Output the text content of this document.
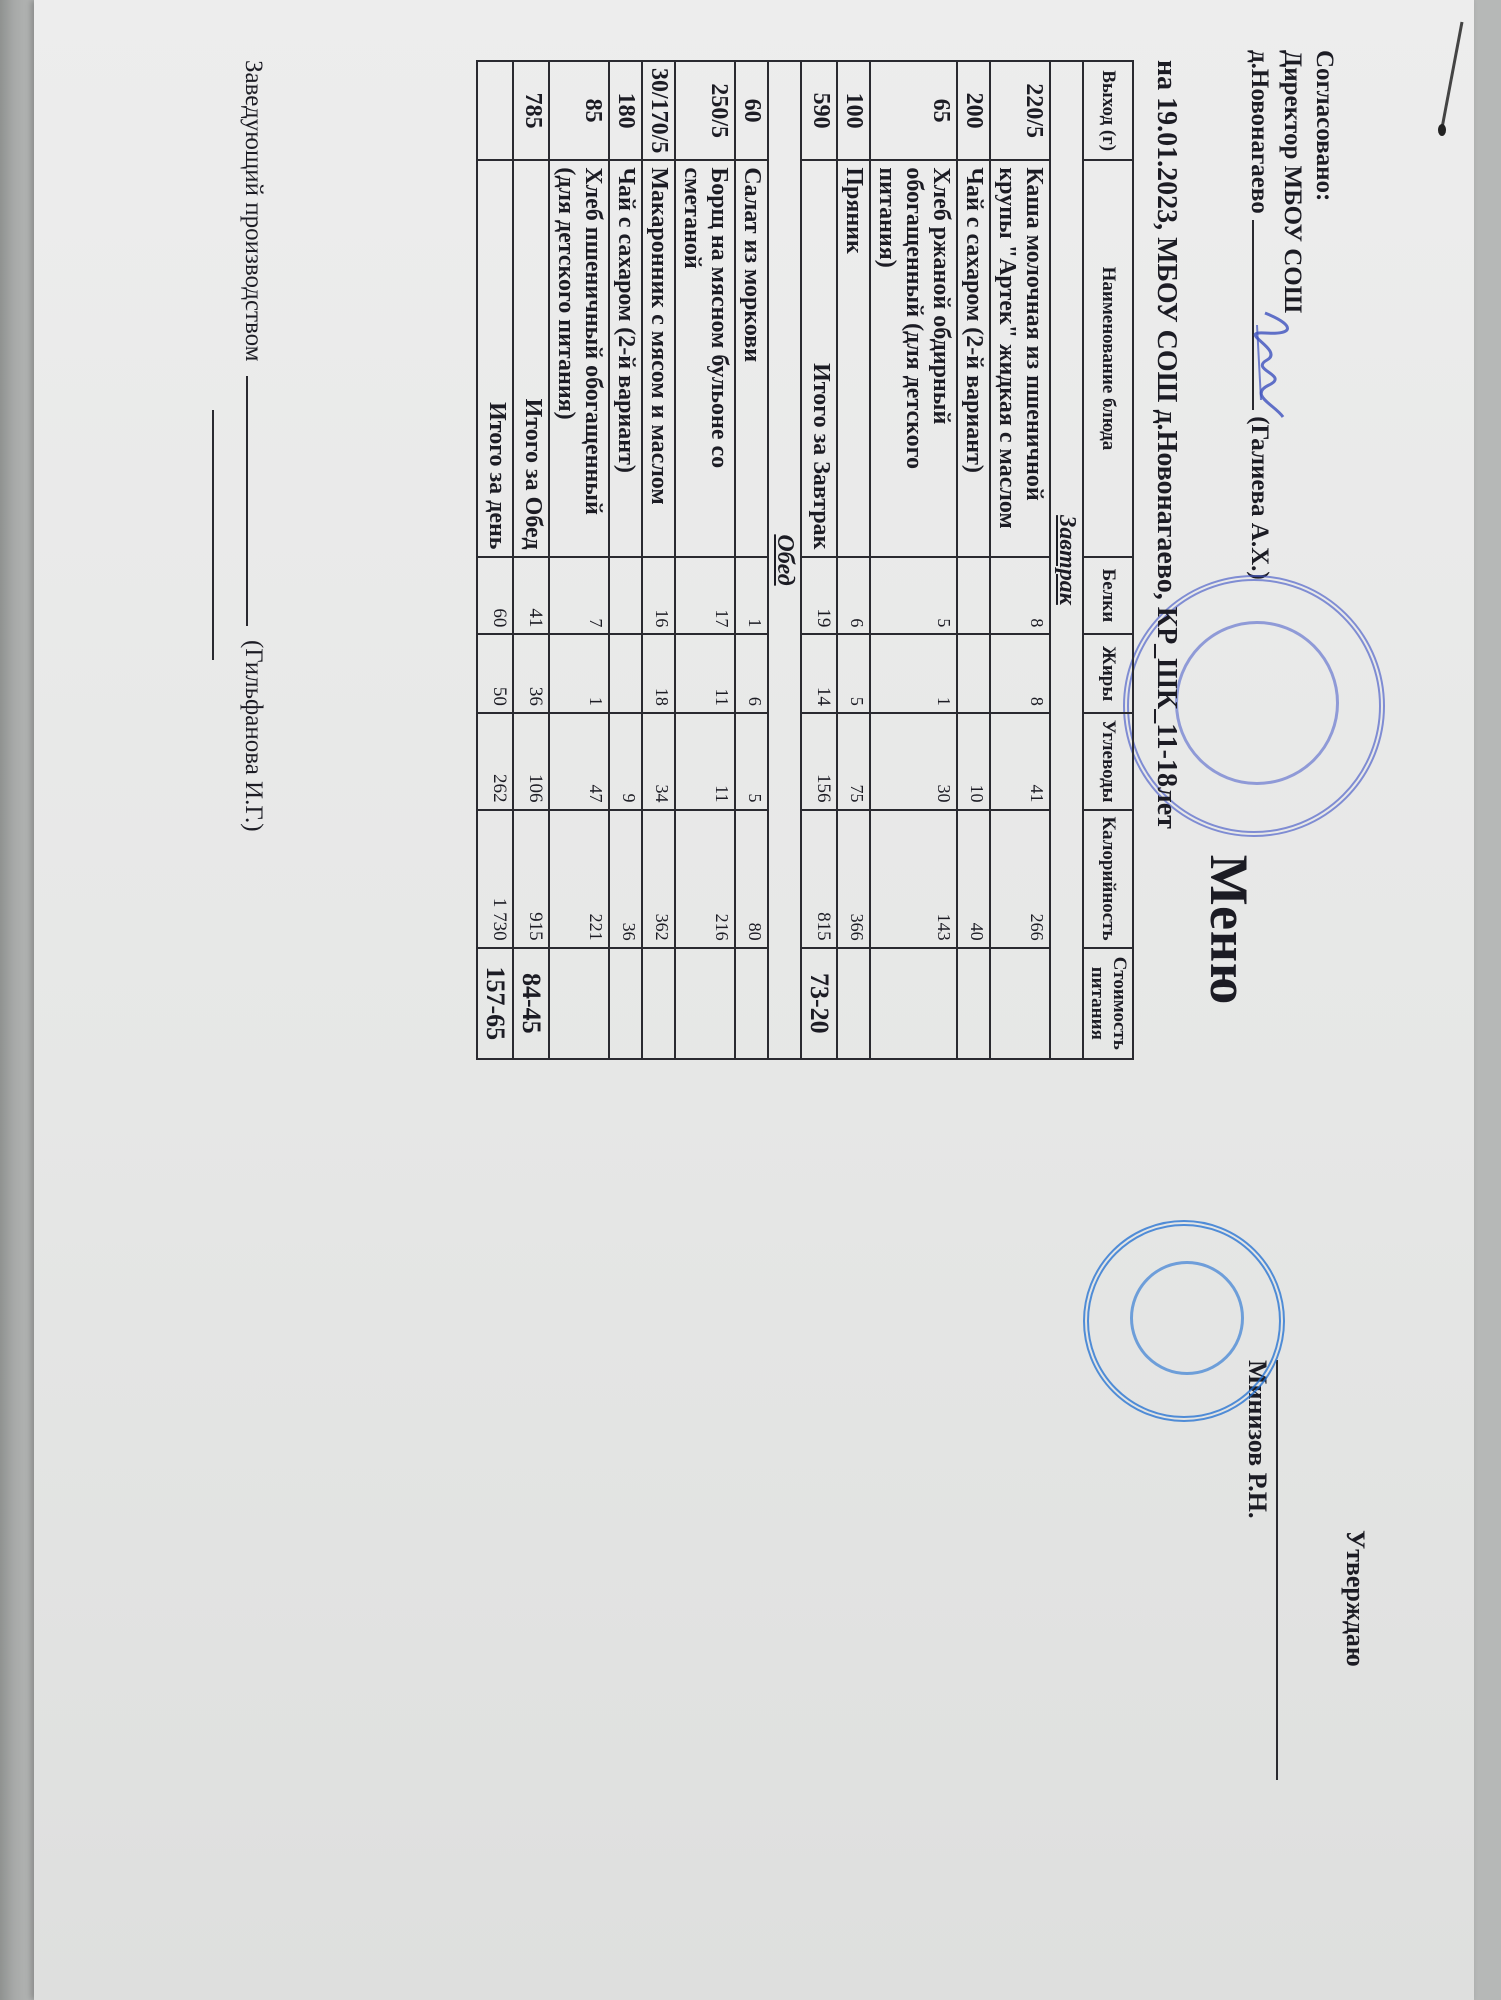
Утверждаю
Минизов Р.Н.
Согласовано:
Директор МБОУ СОШ
д.Новонагаево  (Галиева А.Х.)
Меню
на 19.01.2023, МБОУ СОШ д.Новонагаево, КР_ШК_11-18лет
Выход (г)	Наименование блюда	Белки	Жиры	Углеводы	Калорийность	Стоимость питания
Завтрак						
220/5	Каша молочная из пшеничной крупы "Артек" жидкая с маслом	8	8	41	266	
200	Чай с сахаром (2-й вариант)			10	40	
65	Хлеб ржаной обдирный обогащенный (для детского питания)	5	1	30	143	
100	Пряник	6	5	75	366	
590	Итого за Завтрак	19	14	156	815	73-20
Обед						
60	Салат из моркови	1	6	5	80	
250/5	Борщ на мясном бульоне со сметаной	17	11	11	216	
30/170/5	Макаронник с мясом и маслом	16	18	34	362	
180	Чай с сахаром (2-й вариант)			9	36	
85	Хлеб пшеничный обогащенный (для детского питания)	7	1	47	221	
785	Итого за Обед	41	36	106	915	84-45
	Итого за день	60	50	262	1 730	157-65
Заведующий производством  (Гильфанова И.Г.)
